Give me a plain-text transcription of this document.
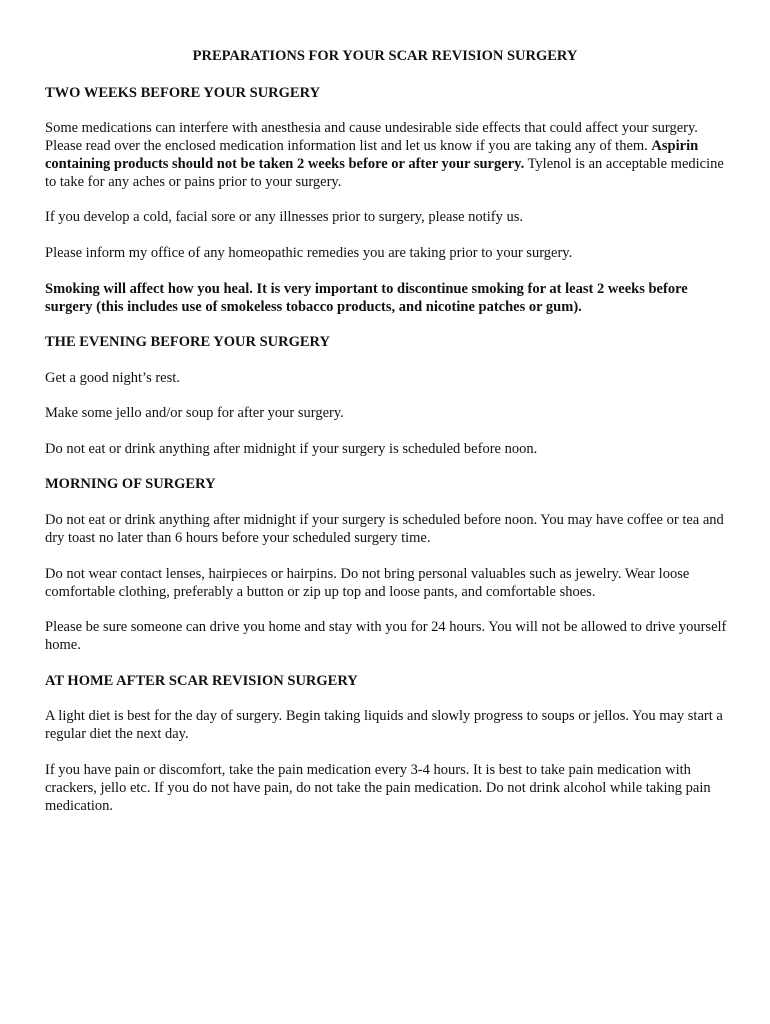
PREPARATIONS FOR YOUR SCAR REVISION SURGERY
TWO WEEKS BEFORE YOUR SURGERY

Some medications can interfere with anesthesia and cause undesirable side effects that could affect your surgery. Please read over the enclosed medication information list and let us know if you are taking any of them. Aspirin containing products should not be taken 2 weeks before or after your surgery. Tylenol is an acceptable medicine to take for any aches or pains prior to your surgery.

If you develop a cold, facial sore or any illnesses prior to surgery, please notify us.

Please inform my office of any homeopathic remedies you are taking prior to your surgery.

Smoking will affect how you heal. It is very important to discontinue smoking for at least 2 weeks before surgery (this includes use of smokeless tobacco products, and nicotine patches or gum).

THE EVENING BEFORE YOUR SURGERY

Get a good night’s rest.

Make some jello and/or soup for after your surgery.

Do not eat or drink anything after midnight if your surgery is scheduled before noon.

MORNING OF SURGERY

Do not eat or drink anything after midnight if your surgery is scheduled before noon. You may have coffee or tea and dry toast no later than 6 hours before your scheduled surgery time.

Do not wear contact lenses, hairpieces or hairpins. Do not bring personal valuables such as jewelry. Wear loose comfortable clothing, preferably a button or zip up top and loose pants, and comfortable shoes.

Please be sure someone can drive you home and stay with you for 24 hours. You will not be allowed to drive yourself home.

AT HOME AFTER SCAR REVISION SURGERY

A light diet is best for the day of surgery. Begin taking liquids and slowly progress to soups or jellos. You may start a regular diet the next day.

If you have pain or discomfort, take the pain medication every 3-4 hours. It is best to take pain medication with crackers, jello etc. If you do not have pain, do not take the pain medication. Do not drink alcohol while taking pain medication.
